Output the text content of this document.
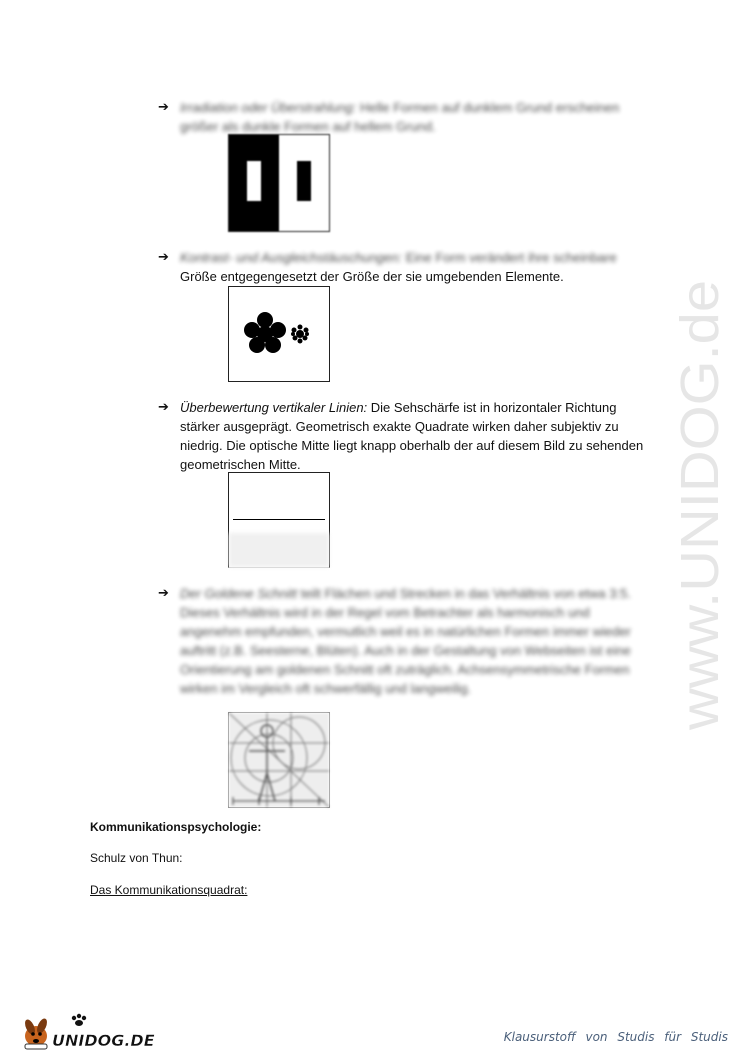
➔ Irradiation oder Überstrahlung: Helle Formen auf dunklem Grund erscheinen größer als dunkle Formen auf hellem Grund.
➔ Kontrast- und Ausgleichstäuschungen: Eine Form verändert ihre scheinbare
Größe entgegengesetzt der Größe der sie umgebenden Elemente.
➔ Überbewertung vertikaler Linien: Die Sehschärfe ist in horizontaler Richtung stärker ausgeprägt. Geometrisch exakte Quadrate wirken daher subjektiv zu niedrig. Die optische Mitte liegt knapp oberhalb der auf diesem Bild zu sehenden geometrischen Mitte.
➔ Der Goldene Schnitt teilt Flächen und Strecken in das Verhältnis von etwa 3:5. Dieses Verhältnis wird in der Regel vom Betrachter als harmonisch und angenehm empfunden, vermutlich weil es in natürlichen Formen immer wieder auftritt (z.B. Seesterne, Blüten). Auch in der Gestaltung von Webseiten ist eine Orientierung am goldenen Schnitt oft zuträglich. Achsensymmetrische Formen wirken im Vergleich oft schwerfällig und langweilig.
Kommunikationspsychologie:
Schulz von Thun:
Das Kommunikationsquadrat:
www.UNIDOG.de
UNIDOG.DE	Klausurstoff von Studis für Studis
